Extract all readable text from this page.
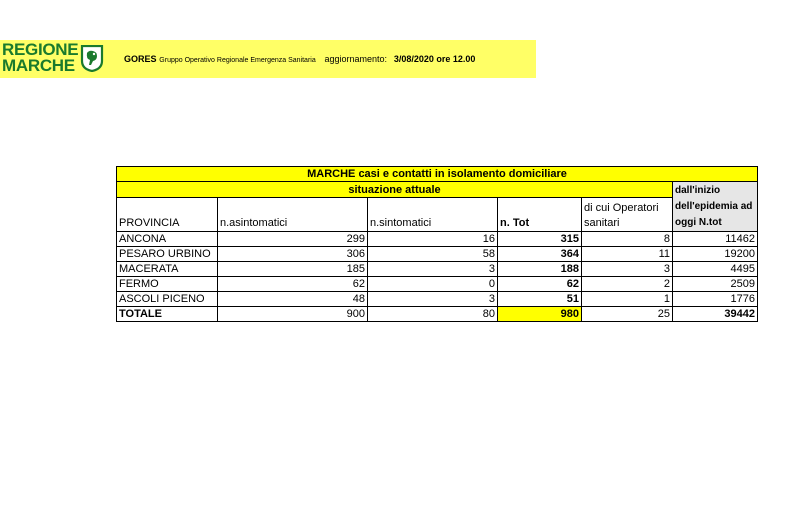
REGIONE
MARCHE	GORES Gruppo Operativo Regionale Emergenza Sanitaria aggiornamento: 3/08/2020 ore 12.00
MARCHE casi e contatti in isolamento domiciliare					
situazione attuale					dall'inizio dell'epidemia ad oggi N.tot
PROVINCIA	n.asintomatici	n.sintomatici	n. Tot	di cui Operatori sanitari	
ANCONA	299	16	315	8	11462
PESARO URBINO	306	58	364	11	19200
MACERATA	185	3	188	3	4495
FERMO	62	0	62	2	2509
ASCOLI PICENO	48	3	51	1	1776
TOTALE	900	80	980	25	39442
